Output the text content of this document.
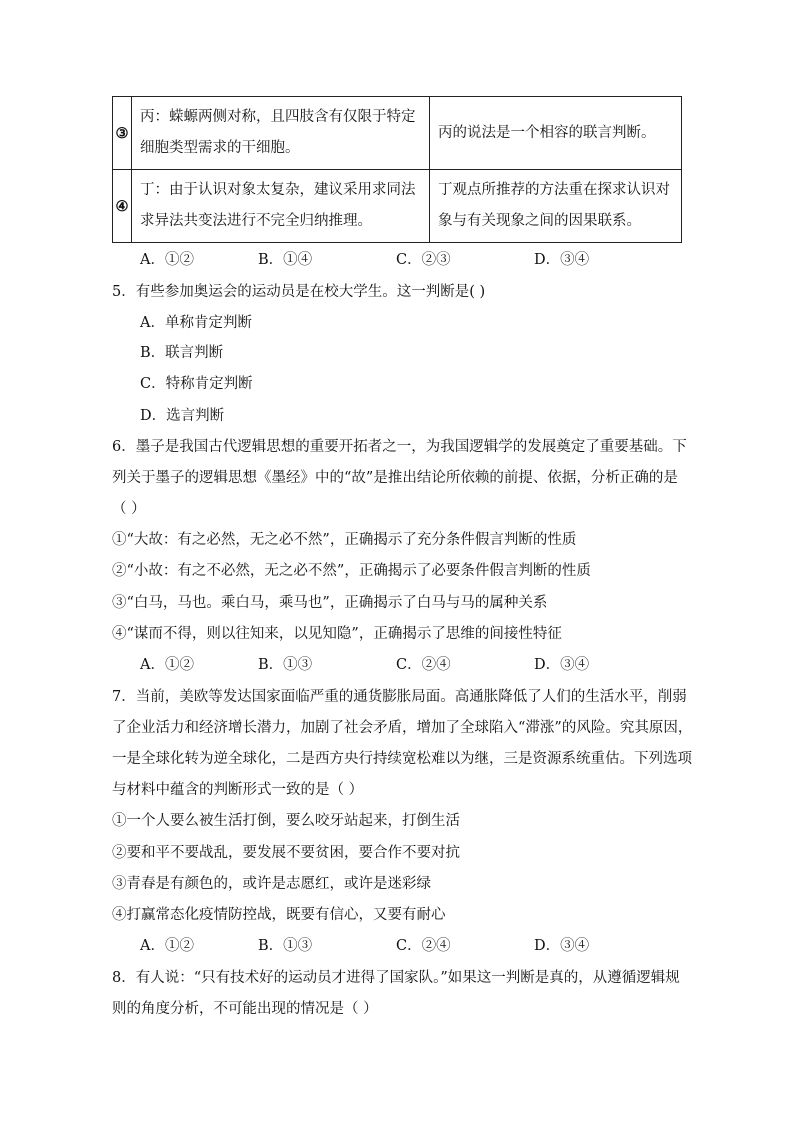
③	丙：蝾螈两侧对称，且四肢含有仅限于特定细胞类型需求的干细胞。	丙的说法是一个相容的联言判断。
④	丁：由于认识对象太复杂，建议采用求同法求异法共变法进行不完全归纳推理。	丁观点所推荐的方法重在探求认识对象与有关现象之间的因果联系。
A．①②	B．①④	C．②③	D．③④
5．有些参加奥运会的运动员是在校大学生。这一判断是( )
A．单称肯定判断
B．联言判断
C．特称肯定判断
D．选言判断
6．墨子是我国古代逻辑思想的重要开拓者之一，为我国逻辑学的发展奠定了重要基础。下
列关于墨子的逻辑思想《墨经》中的“故”是推出结论所依赖的前提、依据，分析正确的是
（ ）
①“大故：有之必然，无之必不然”，正确揭示了充分条件假言判断的性质
②“小故：有之不必然，无之必不然”，正确揭示了必要条件假言判断的性质
③“白马，马也。乘白马，乘马也”，正确揭示了白马与马的属种关系
④“谋而不得，则以往知来，以见知隐”，正确揭示了思维的间接性特征
A．①②	B．①③	C．②④	D．③④
7．当前，美欧等发达国家面临严重的通货膨胀局面。高通胀降低了人们的生活水平，削弱
了企业活力和经济增长潜力，加剧了社会矛盾，增加了全球陷入“滞涨”的风险。究其原因，
一是全球化转为逆全球化，二是西方央行持续宽松难以为继，三是资源系统重估。下列选项
与材料中蕴含的判断形式一致的是（ ）
①一个人要么被生活打倒，要么咬牙站起来，打倒生活
②要和平不要战乱，要发展不要贫困，要合作不要对抗
③青春是有颜色的，或许是志愿红，或许是迷彩绿
④打赢常态化疫情防控战，既要有信心，又要有耐心
A．①②	B．①③	C．②④	D．③④
8．有人说：“只有技术好的运动员才进得了国家队。”如果这一判断是真的，从遵循逻辑规
则的角度分析，不可能出现的情况是（ ）
